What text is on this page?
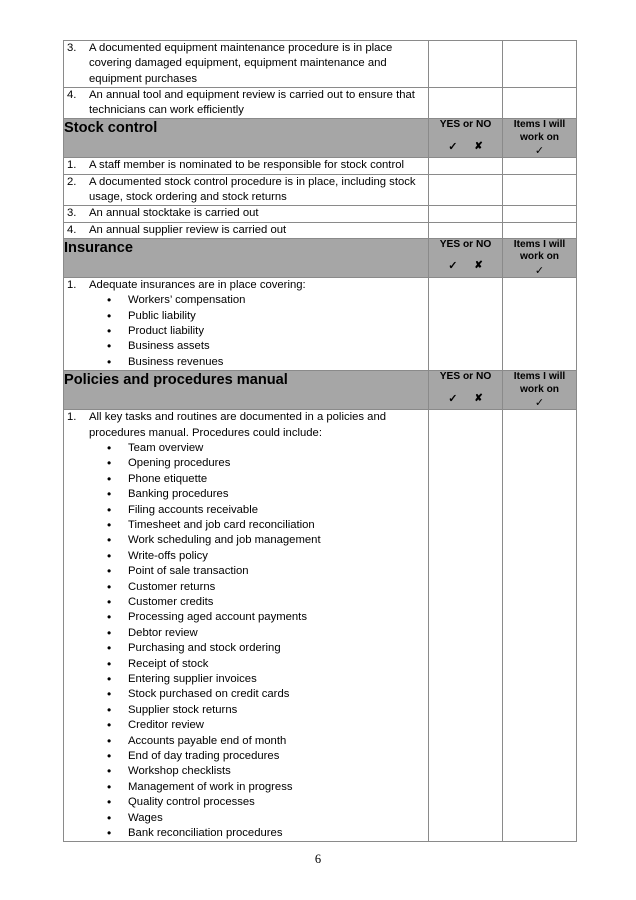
3. A documented equipment maintenance procedure is in place covering damaged equipment, equipment maintenance and equipment purchases		

4. An annual tool and equipment review is carried out to ensure that technicians can work efficiently		

Stock control	YES or NO
✓ ✘

Items I will
work on
✓

1. A staff member is nominated to be responsible for stock control		

2. A documented stock control procedure is in place, including stock usage, stock ordering and stock returns		

3. An annual stocktake is carried out		

4. An annual supplier review is carried out		

Insurance	YES or NO
✓ ✘

Items I will
work on
✓

1.	Adequate insurances are in place covering:
•	Workers’ compensation
•	Public liability
•	Product liability
•	Business assets
•	Business revenues

Policies and procedures manual	YES or NO
✓ ✘

Items I will
work on
✓

1.	All key tasks and routines are documented in a policies and procedures manual. Procedures could include:
•	Team overview
•	Opening procedures
•	Phone etiquette
•	Banking procedures
•	Filing accounts receivable
•	Timesheet and job card reconciliation
•	Work scheduling and job management
•	Write-offs policy
•	Point of sale transaction
•	Customer returns
•	Customer credits
•	Processing aged account payments
•	Debtor review
•	Purchasing and stock ordering
•	Receipt of stock
•	Entering supplier invoices
•	Stock purchased on credit cards
•	Supplier stock returns
•	Creditor review
•	Accounts payable end of month
•	End of day trading procedures
•	Workshop checklists
•	Management of work in progress
•	Quality control processes
•	Wages
•	Bank reconciliation procedures

6
